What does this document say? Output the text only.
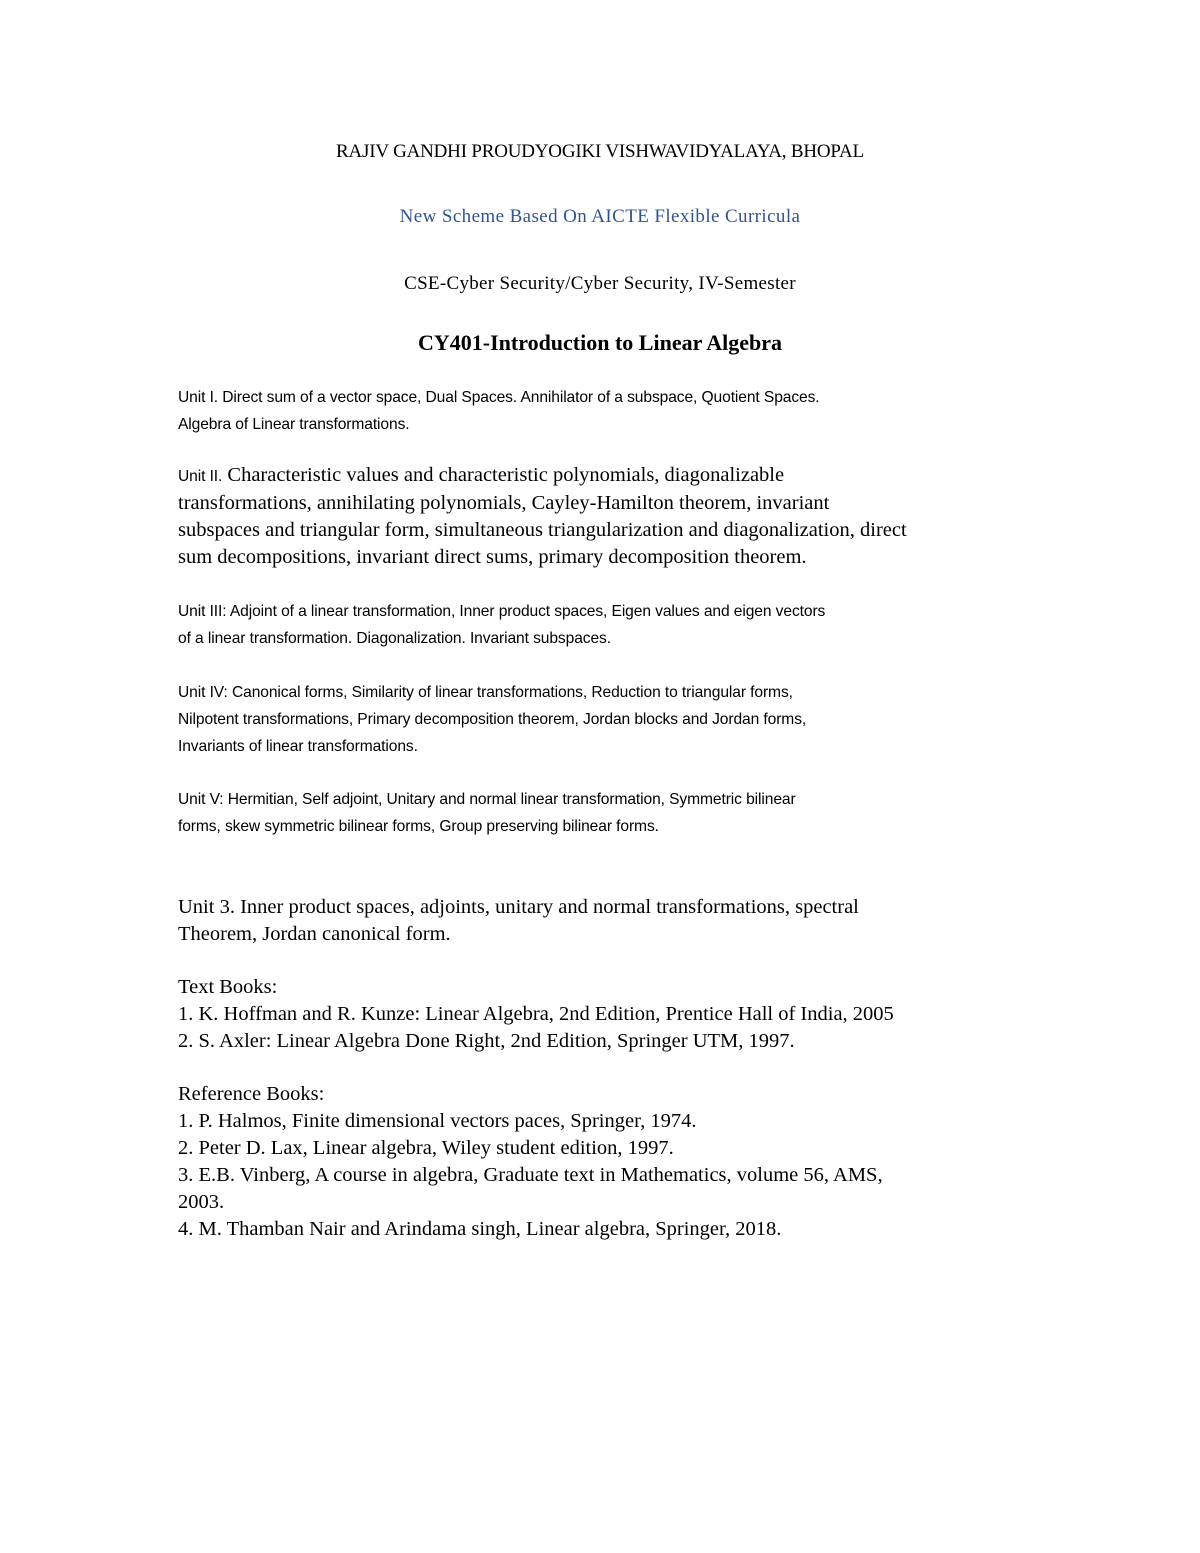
RAJIV GANDHI PROUDYOGIKI VISHWAVIDYALAYA, BHOPAL
New Scheme Based On AICTE Flexible Curricula
CSE-Cyber Security/Cyber Security, IV-Semester
CY401-Introduction to Linear Algebra

Unit I. Direct sum of a vector space, Dual Spaces. Annihilator of a subspace, Quotient Spaces.

Algebra of Linear transformations.

Unit II. Characteristic values and characteristic polynomials, diagonalizable

transformations, annihilating polynomials, Cayley-Hamilton theorem, invariant

subspaces and triangular form, simultaneous triangularization and diagonalization, direct

sum decompositions, invariant direct sums, primary decomposition theorem.

Unit III: Adjoint of a linear transformation, Inner product spaces, Eigen values and eigen vectors

of a linear transformation. Diagonalization. Invariant subspaces.

Unit IV: Canonical forms, Similarity of linear transformations, Reduction to triangular forms,

Nilpotent transformations, Primary decomposition theorem, Jordan blocks and Jordan forms,

Invariants of linear transformations.

Unit V: Hermitian, Self adjoint, Unitary and normal linear transformation, Symmetric bilinear

forms, skew symmetric bilinear forms, Group preserving bilinear forms.

Unit 3. Inner product spaces, adjoints, unitary and normal transformations, spectral

Theorem, Jordan canonical form.

Text Books:

1. K. Hoffman and R. Kunze: Linear Algebra, 2nd Edition, Prentice Hall of India, 2005

2. S. Axler: Linear Algebra Done Right, 2nd Edition, Springer UTM, 1997.

Reference Books:

1. P. Halmos, Finite dimensional vectors paces, Springer, 1974.

2. Peter D. Lax, Linear algebra, Wiley student edition, 1997.

3. E.B. Vinberg, A course in algebra, Graduate text in Mathematics, volume 56, AMS,

2003.

4. M. Thamban Nair and Arindama singh, Linear algebra, Springer, 2018.
